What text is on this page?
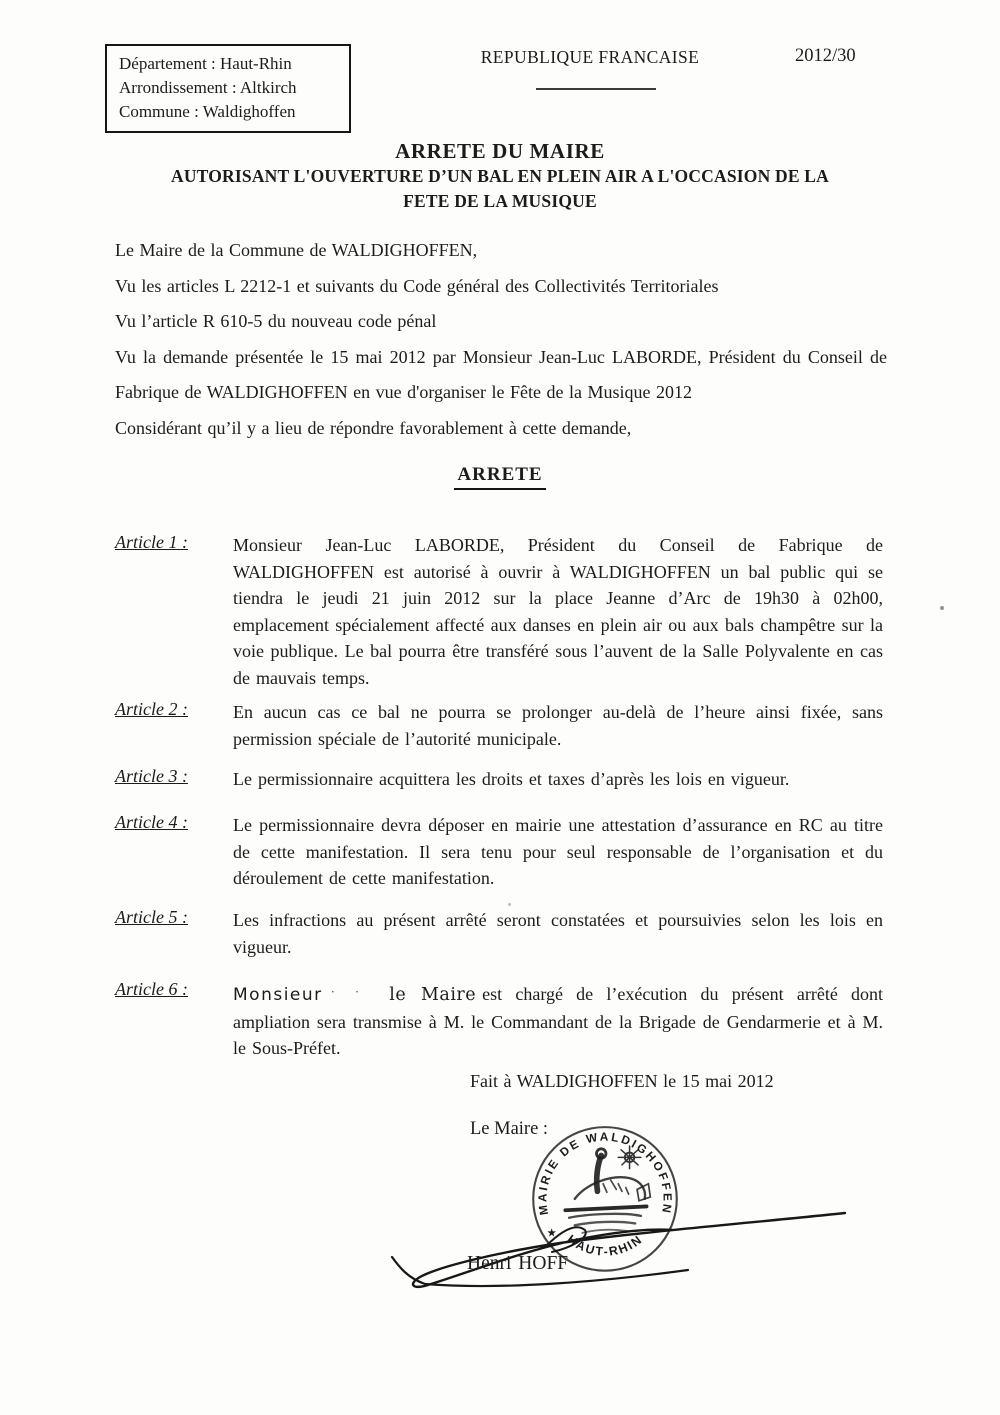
Département : Haut-Rhin
Arrondissement : Altkirch
Commune : Waldighoffen
REPUBLIQUE FRANCAISE	2012/30
ARRETE DU MAIRE
AUTORISANT L'OUVERTURE D’UN BAL EN PLEIN AIR A L'OCCASION DE LA
FETE DE LA MUSIQUE

Le Maire de la Commune de WALDIGHOFFEN,

Vu les articles L 2212-1 et suivants du Code général des Collectivités Territoriales

Vu l’article R 610-5 du nouveau code pénal

Vu la demande présentée le 15 mai 2012 par Monsieur Jean-Luc LABORDE, Président du Conseil de Fabrique de WALDIGHOFFEN en vue d'organiser le Fête de la Musique 2012

Considérant qu’il y a lieu de répondre favorablement à cette demande,

ARRETE
Article 1 :	Monsieur Jean-Luc LABORDE, Président du Conseil de Fabrique de WALDIGHOFFEN est autorisé à ouvrir à WALDIGHOFFEN un bal public qui se tiendra le jeudi 21 juin 2012 sur la place Jeanne d’Arc de 19h30 à 02h00, emplacement spécialement affecté aux danses en plein air ou aux bals champêtre sur la voie publique. Le bal pourra être transféré sous l’auvent de la Salle Polyvalente en cas de mauvais temps.
Article 2 :	En aucun cas ce bal ne pourra se prolonger au-delà de l’heure ainsi fixée, sans permission spéciale de l’autorité municipale.
Article 3 :	Le permissionnaire acquittera les droits et taxes d’après les lois en vigueur.
Article 4 :	Le permissionnaire devra déposer en mairie une attestation d’assurance en RC au titre de cette manifestation. Il sera tenu pour seul responsable de l’organisation et du déroulement de cette manifestation.
Article 5 :	Les infractions au présent arrêté seront constatées et poursuivies selon les lois en vigueur.
Article 6 :	Monsieur · · le Maire est chargé de l’exécution du présent arrêté dont ampliation sera transmise à M. le Commandant de la Brigade de Gendarmerie et à M. le Sous-Préfet.
Fait à WALDIGHOFFEN le 15 mai 2012
Le Maire :
MAIRIE DE WALDIGHOFFEN
HAUT-RHIN
★
Henri HOFF
